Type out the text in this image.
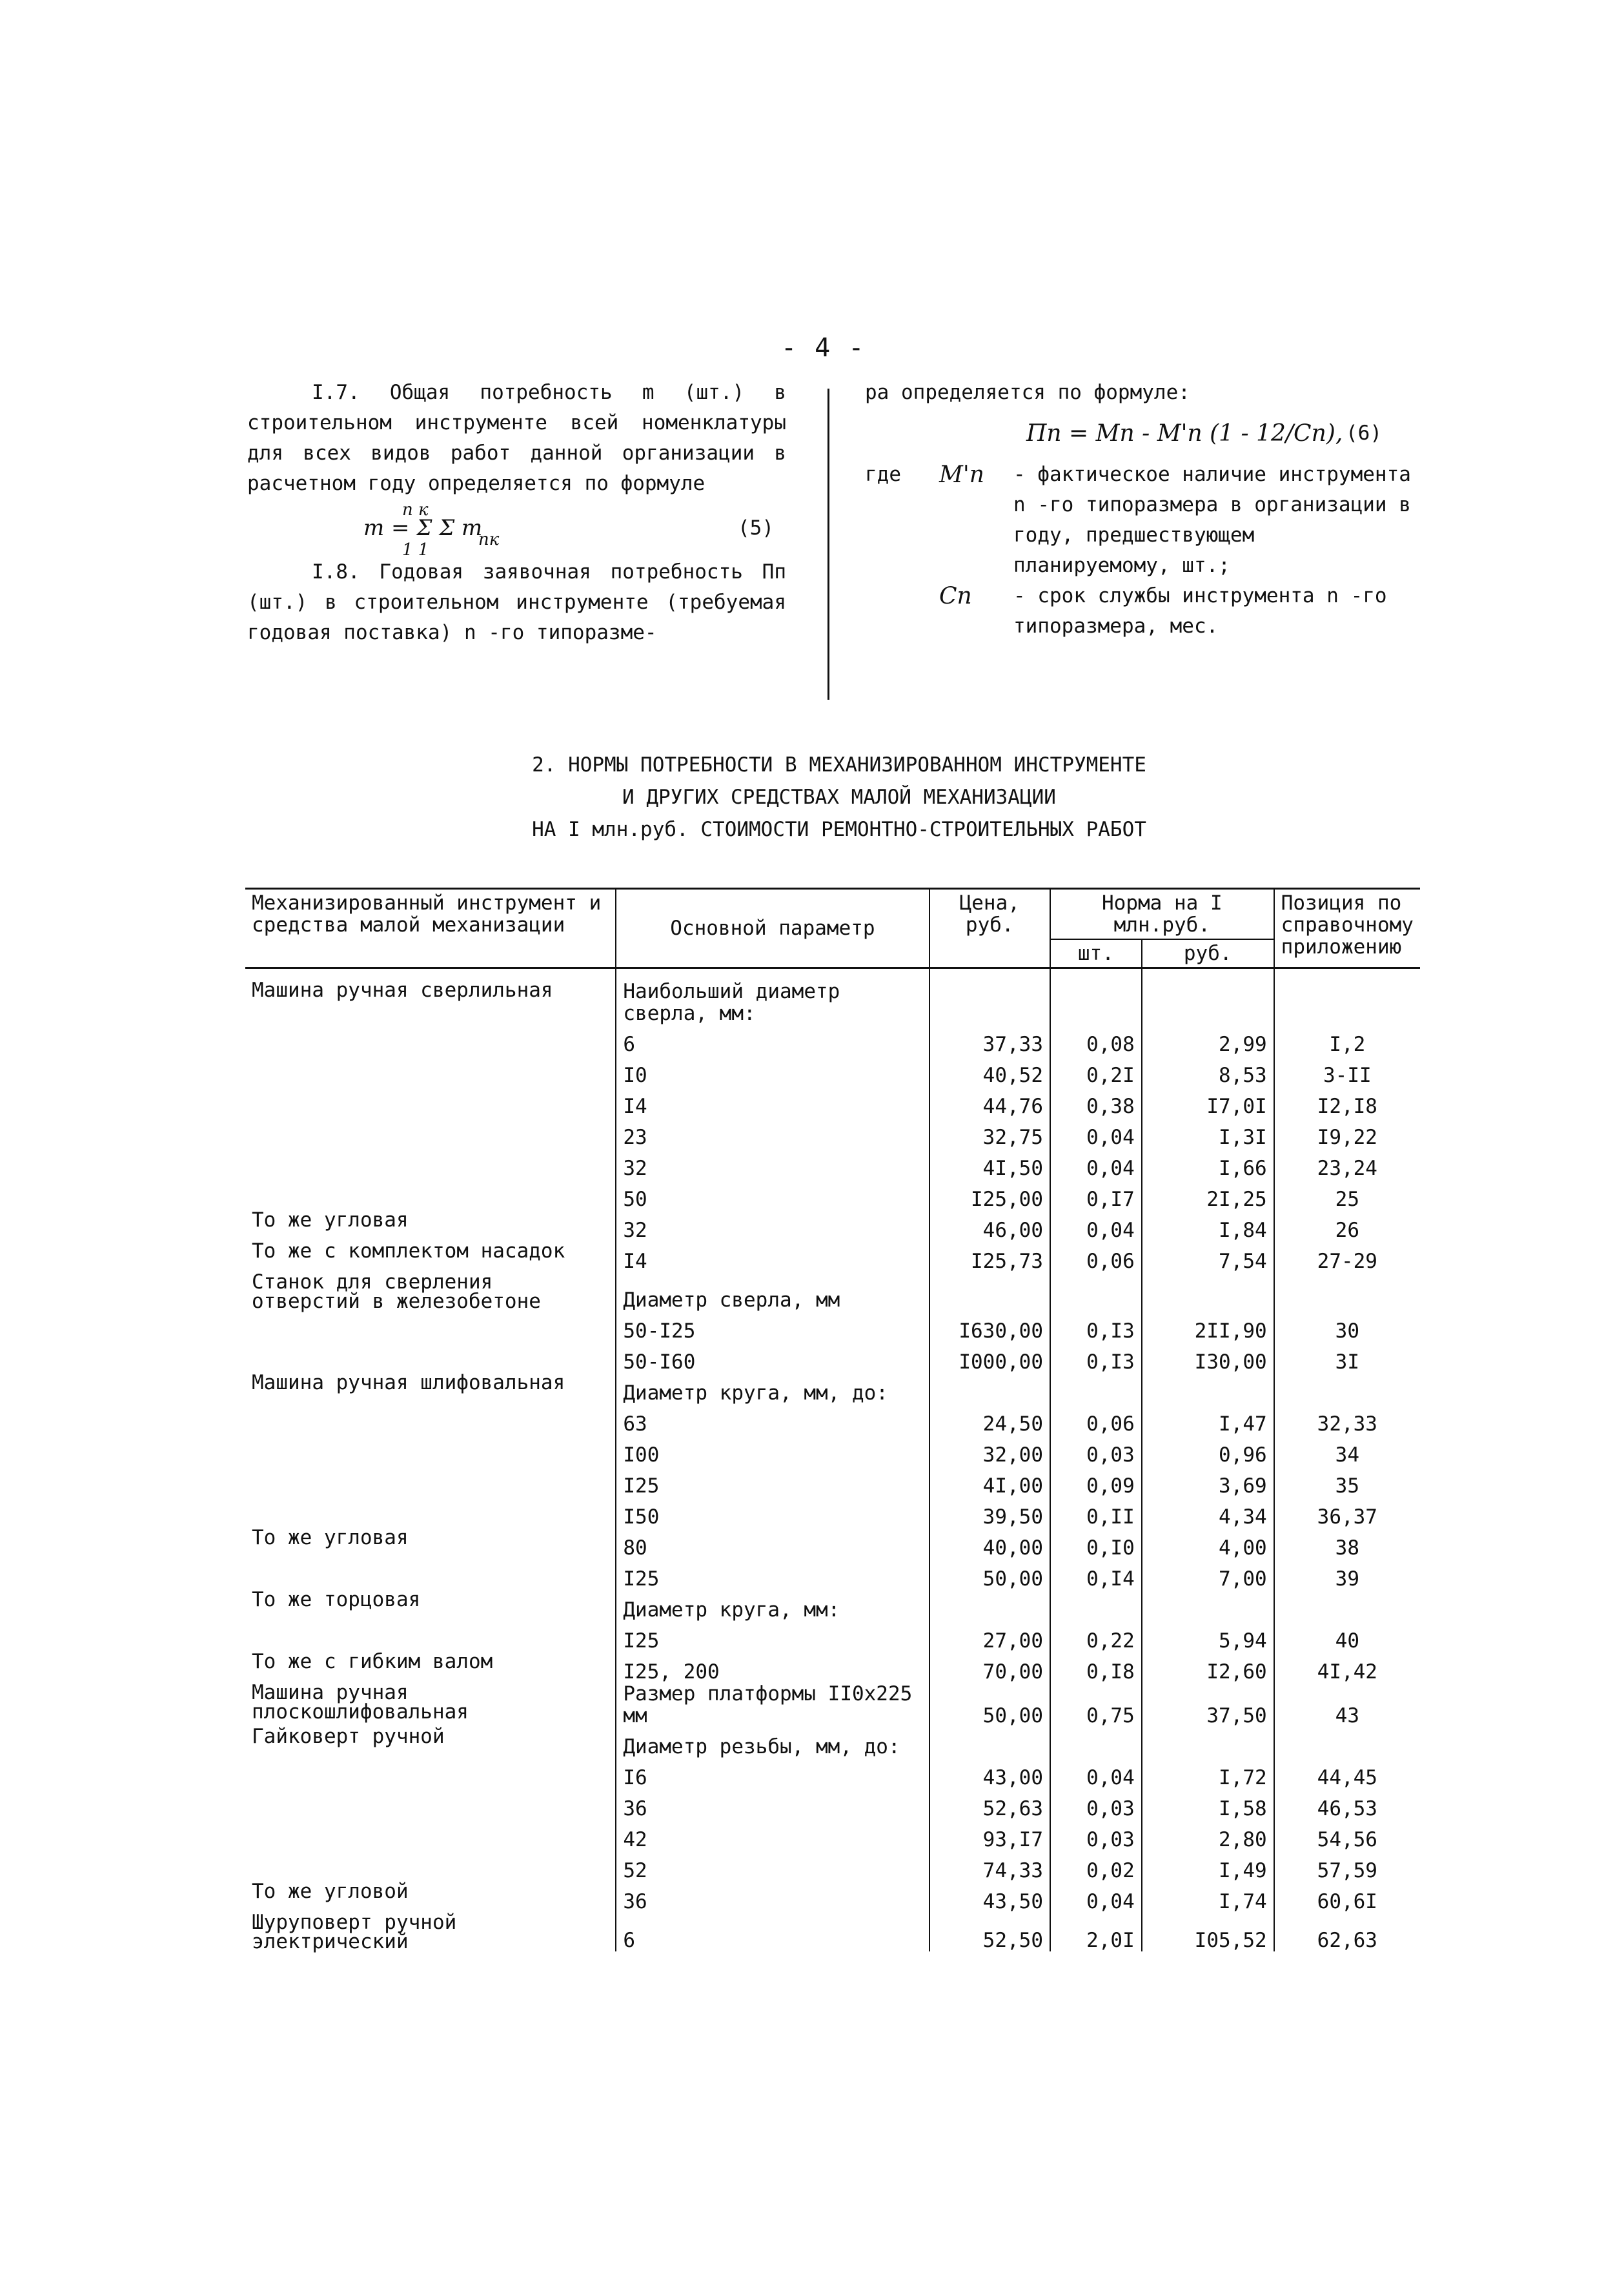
- 4 -

I.7. Общая потребность m (шт.) в строительном инструменте всей номенклатуры для всех видов работ данной организации в расчетном году определяется по формуле

n к
m = Σ Σ m
nк
1 1
(5)

I.8. Годовая заявочная потребность Пп (шт.) в строительном инструменте (требуемая годовая поставка) n -го типоразме-

ра определяется по формуле:

Пп = Мп - М'п (1 - 12/Сп), (6)
где	М'п	- фактическое наличие инструмента n -го типоразмера в организации в году, предшествующем планируемому, шт.;
Сп	- срок службы инструмента n -го типоразмера, мес.
2. НОРМЫ ПОТРЕБНОСТИ В МЕХАНИЗИРОВАННОМ ИНСТРУМЕНТЕ
И ДРУГИХ СРЕДСТВАХ МАЛОЙ МЕХАНИЗАЦИИ
НА I млн.руб. СТОИМОСТИ РЕМОНТНО-СТРОИТЕЛЬНЫХ РАБОТ
Механизированный инструмент и средства малой механизации	Основной параметр	Цена, руб.	Норма на I млн.руб.		Позиция по справочному приложению
			шт.	руб.	
Машина ручная сверлильная	Наибольший диаметр сверла, мм:				
	6	37,33	0,08	2,99	I,2
	I0	40,52	0,2I	8,53	3-II
	I4	44,76	0,38	I7,0I	I2,I8
	23	32,75	0,04	I,3I	I9,22
	32	4I,50	0,04	I,66	23,24
	50	I25,00	0,I7	2I,25	25
То же угловая	32	46,00	0,04	I,84	26
То же с комплектом насадок	I4	I25,73	0,06	7,54	27-29
Станок для сверления отверстий в железобетоне	Диаметр сверла, мм				
	50-I25	I630,00	0,I3	2II,90	30
	50-I60	I000,00	0,I3	I30,00	3I
Машина ручная шлифовальная	Диаметр круга, мм, до:				
	63	24,50	0,06	I,47	32,33
	I00	32,00	0,03	0,96	34
	I25	4I,00	0,09	3,69	35
	I50	39,50	0,II	4,34	36,37
То же угловая	80	40,00	0,I0	4,00	38
	I25	50,00	0,I4	7,00	39
То же торцовая	Диаметр круга, мм:				
	I25	27,00	0,22	5,94	40
То же с гибким валом	I25, 200	70,00	0,I8	I2,60	4I,42
Машина ручная плоскошлифовальная	Размер платформы II0x225 мм	50,00	0,75	37,50	43
Гайковерт ручной	Диаметр резьбы, мм, до:				
	I6	43,00	0,04	I,72	44,45
	36	52,63	0,03	I,58	46,53
	42	93,I7	0,03	2,80	54,56
	52	74,33	0,02	I,49	57,59
То же угловой	36	43,50	0,04	I,74	60,6I
Шуруповерт ручной электрический	6	52,50	2,0I	I05,52	62,63
